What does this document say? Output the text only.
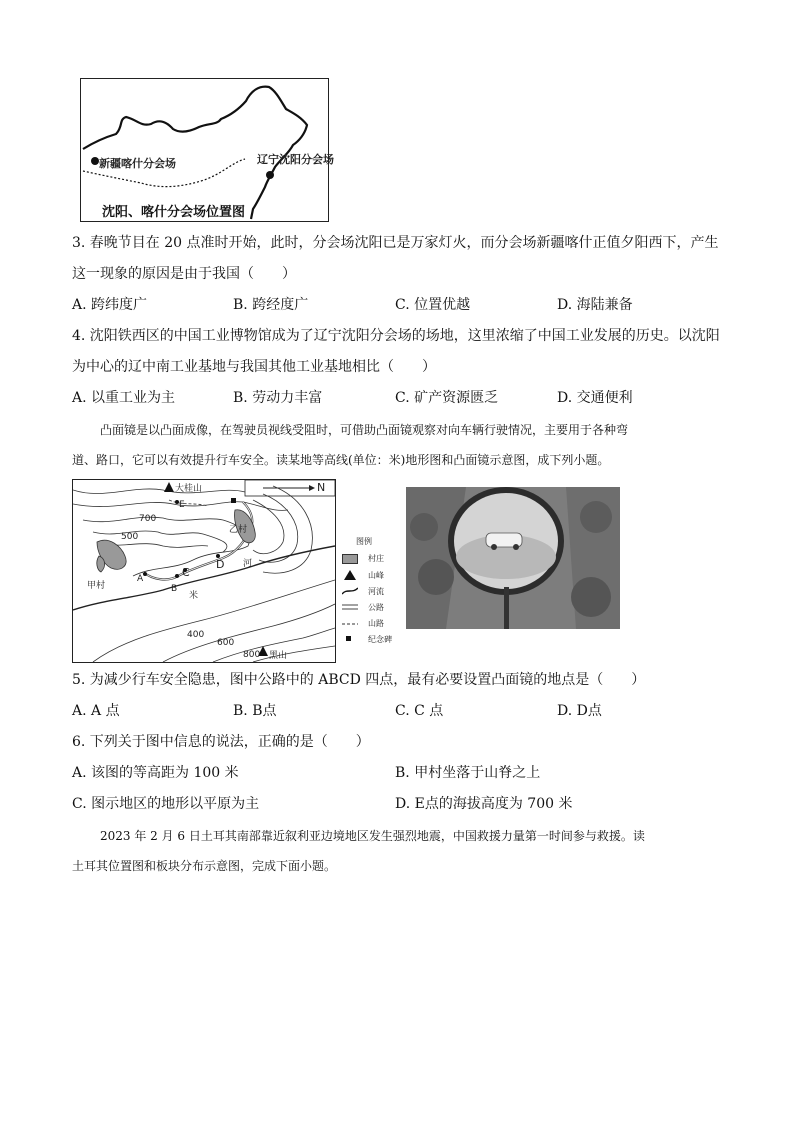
新疆喀什分会场	辽宁沈阳分会场
沈阳、喀什分会场位置图
3. 春晚节目在 20 点准时开始，此时，分会场沈阳已是万家灯火，而分会场新疆喀什正值夕阳西下，产生
这一现象的原因是由于我国（　　）
A. 跨纬度广	B. 跨经度广	C. 位置优越	D. 海陆兼备
4. 沈阳铁西区的中国工业博物馆成为了辽宁沈阳分会场的场地，这里浓缩了中国工业发展的历史。以沈阳
为中心的辽中南工业基地与我国其他工业基地相比（　　）
A. 以重工业为主	B. 劳动力丰富	C. 矿产资源匮乏	D. 交通便利
凸面镜是以凸面成像，在驾驶员视线受阻时，可借助凸面镜观察对向车辆行驶情况，主要用于各种弯
道、路口，它可以有效提升行车安全。读某地等高线(单位：米)地形图和凸面镜示意图，成下列小题。
N
大桂山
黑山
甲村
乙村
河
米
A
B
C
D
E
700
500
400
600
800
图例
村庄
山峰
河流
公路
山路
纪念碑
5. 为减少行车安全隐患，图中公路中的 ABCD 四点，最有必要设置凸面镜的地点是（　　）
A. A 点	B. B点	C. C 点	D. D点
6. 下列关于图中信息的说法，正确的是（　　）
A. 该图的等高距为 100 米	B. 甲村坐落于山脊之上
C. 图示地区的地形以平原为主	D. E点的海拔高度为 700 米
2023 年 2 月 6 日土耳其南部靠近叙利亚边境地区发生强烈地震，中国救援力量第一时间参与救援。读
土耳其位置图和板块分布示意图，完成下面小题。
